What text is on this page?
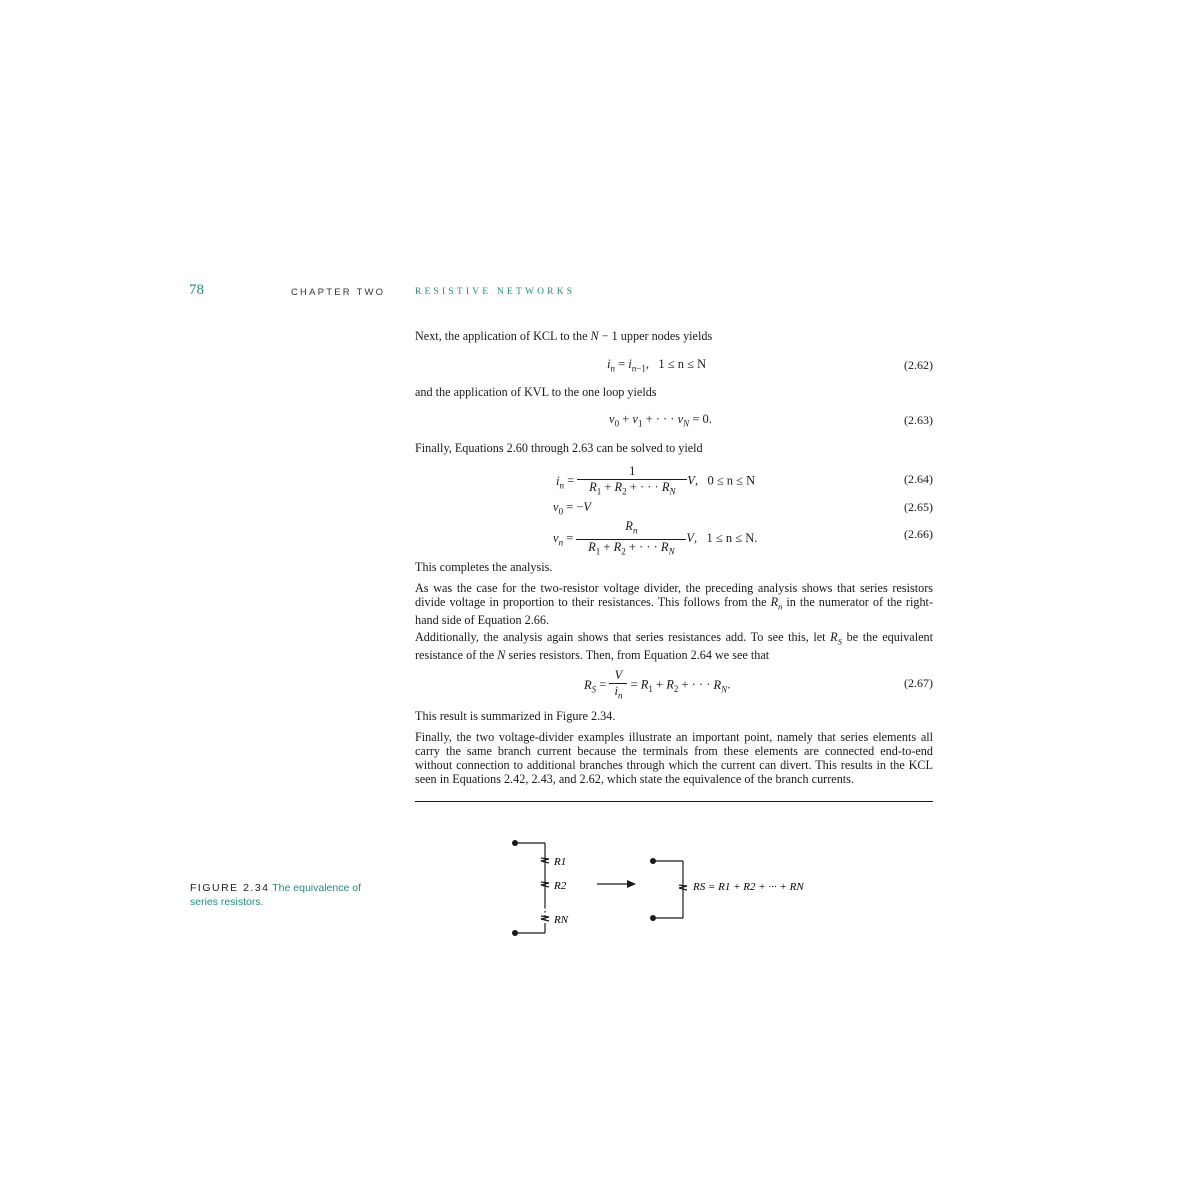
78	CHAPTER TWO	RESISTIVE NETWORKS
Next, the application of KCL to the N − 1 upper nodes yields
$i_n = i_{n-1}$,   1 ≤ n ≤ N	(2.62)
and the application of KVL to the one loop yields
$v_0 + v_1$ + · · · $v_N = 0$.	(2.63)
Finally, Equations 2.60 through 2.63 can be solved to yield
$i_n = \frac{1}{R_1 + R_2 + \cdot \cdot \cdot R_N} V$,   0 ≤ n ≤ N	(2.64)
$v_0 = -V$	(2.65)
$v_n = \frac{R_n}{R_1 + R_2 + \cdot \cdot \cdot R_N} V$,   1 ≤ n ≤ N.	(2.66)
This completes the analysis.
As was the case for the two-resistor voltage divider, the preceding analysis shows that series resistors divide voltage in proportion to their resistances. This follows from the $R_n$ in the numerator of the right-hand side of Equation 2.66.
Additionally, the analysis again shows that series resistances add. To see this, let $R_S$ be the equivalent resistance of the N series resistors. Then, from Equation 2.64 we see that
$R_S = \frac{V}{i_n} = R_1 + R_2$ + · · · $R_N$.	(2.67)
This result is summarized in Figure 2.34.
Finally, the two voltage-divider examples illustrate an important point, namely that series elements all carry the same branch current because the terminals from these elements are connected end-to-end without connection to additional branches through which the current can divert. This results in the KCL seen in Equations 2.42, 2.43, and 2.62, which state the equivalence of the branch currents.
FIGURE 2.34 The equivalence of series resistors.
R1
R2
RN
RS = R1 + R2 + ··· + RN
